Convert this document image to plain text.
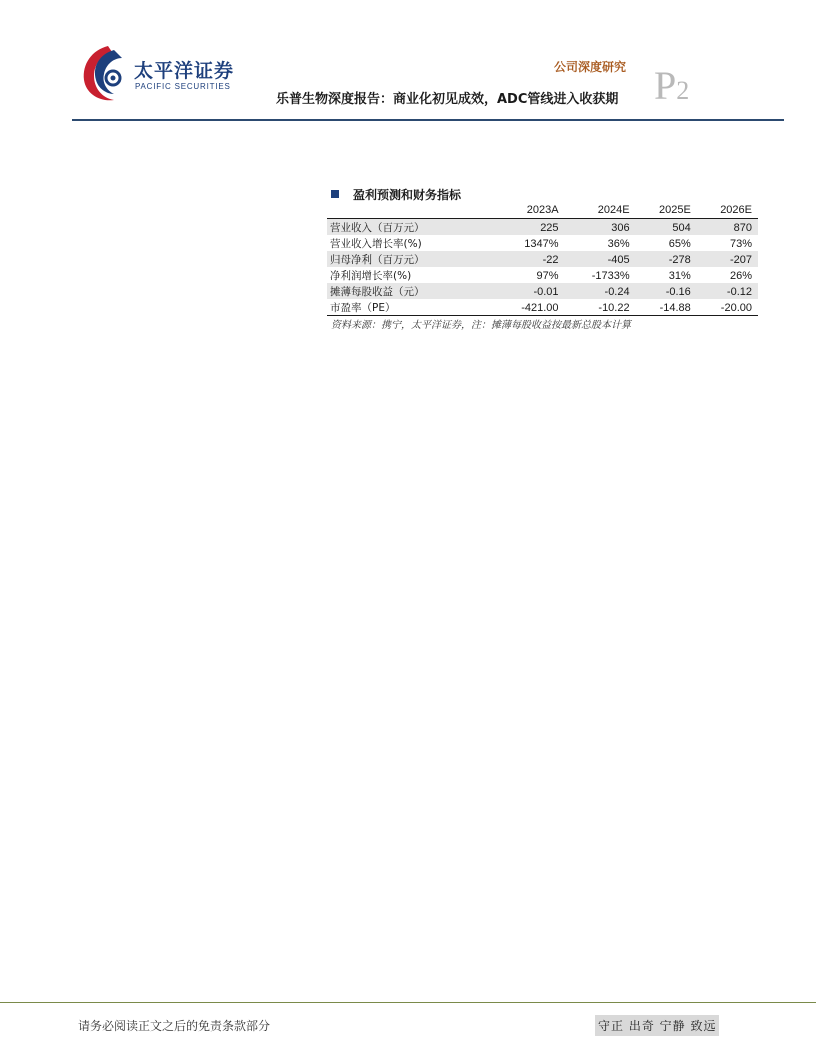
太平洋证券
PACIFIC SECURITIES
公司深度研究 P2
乐普生物深度报告：商业化初见成效，ADC管线进入收获期
盈利预测和财务指标
	2023A	2024E	2025E	2026E
营业收入（百万元）	225	306	504	870
营业收入增长率(%)	1347%	36%	65%	73%
归母净利（百万元）	-22	-405	-278	-207
净利润增长率(%)	97%	-1733%	31%	26%
摊薄每股收益（元）	-0.01	-0.24	-0.16	-0.12
市盈率（PE）	-421.00	-10.22	-14.88	-20.00
资料来源：携宁，太平洋证券，注：摊薄每股收益按最新总股本计算
请务必阅读正文之后的免责条款部分	守正 出奇 宁静 致远
